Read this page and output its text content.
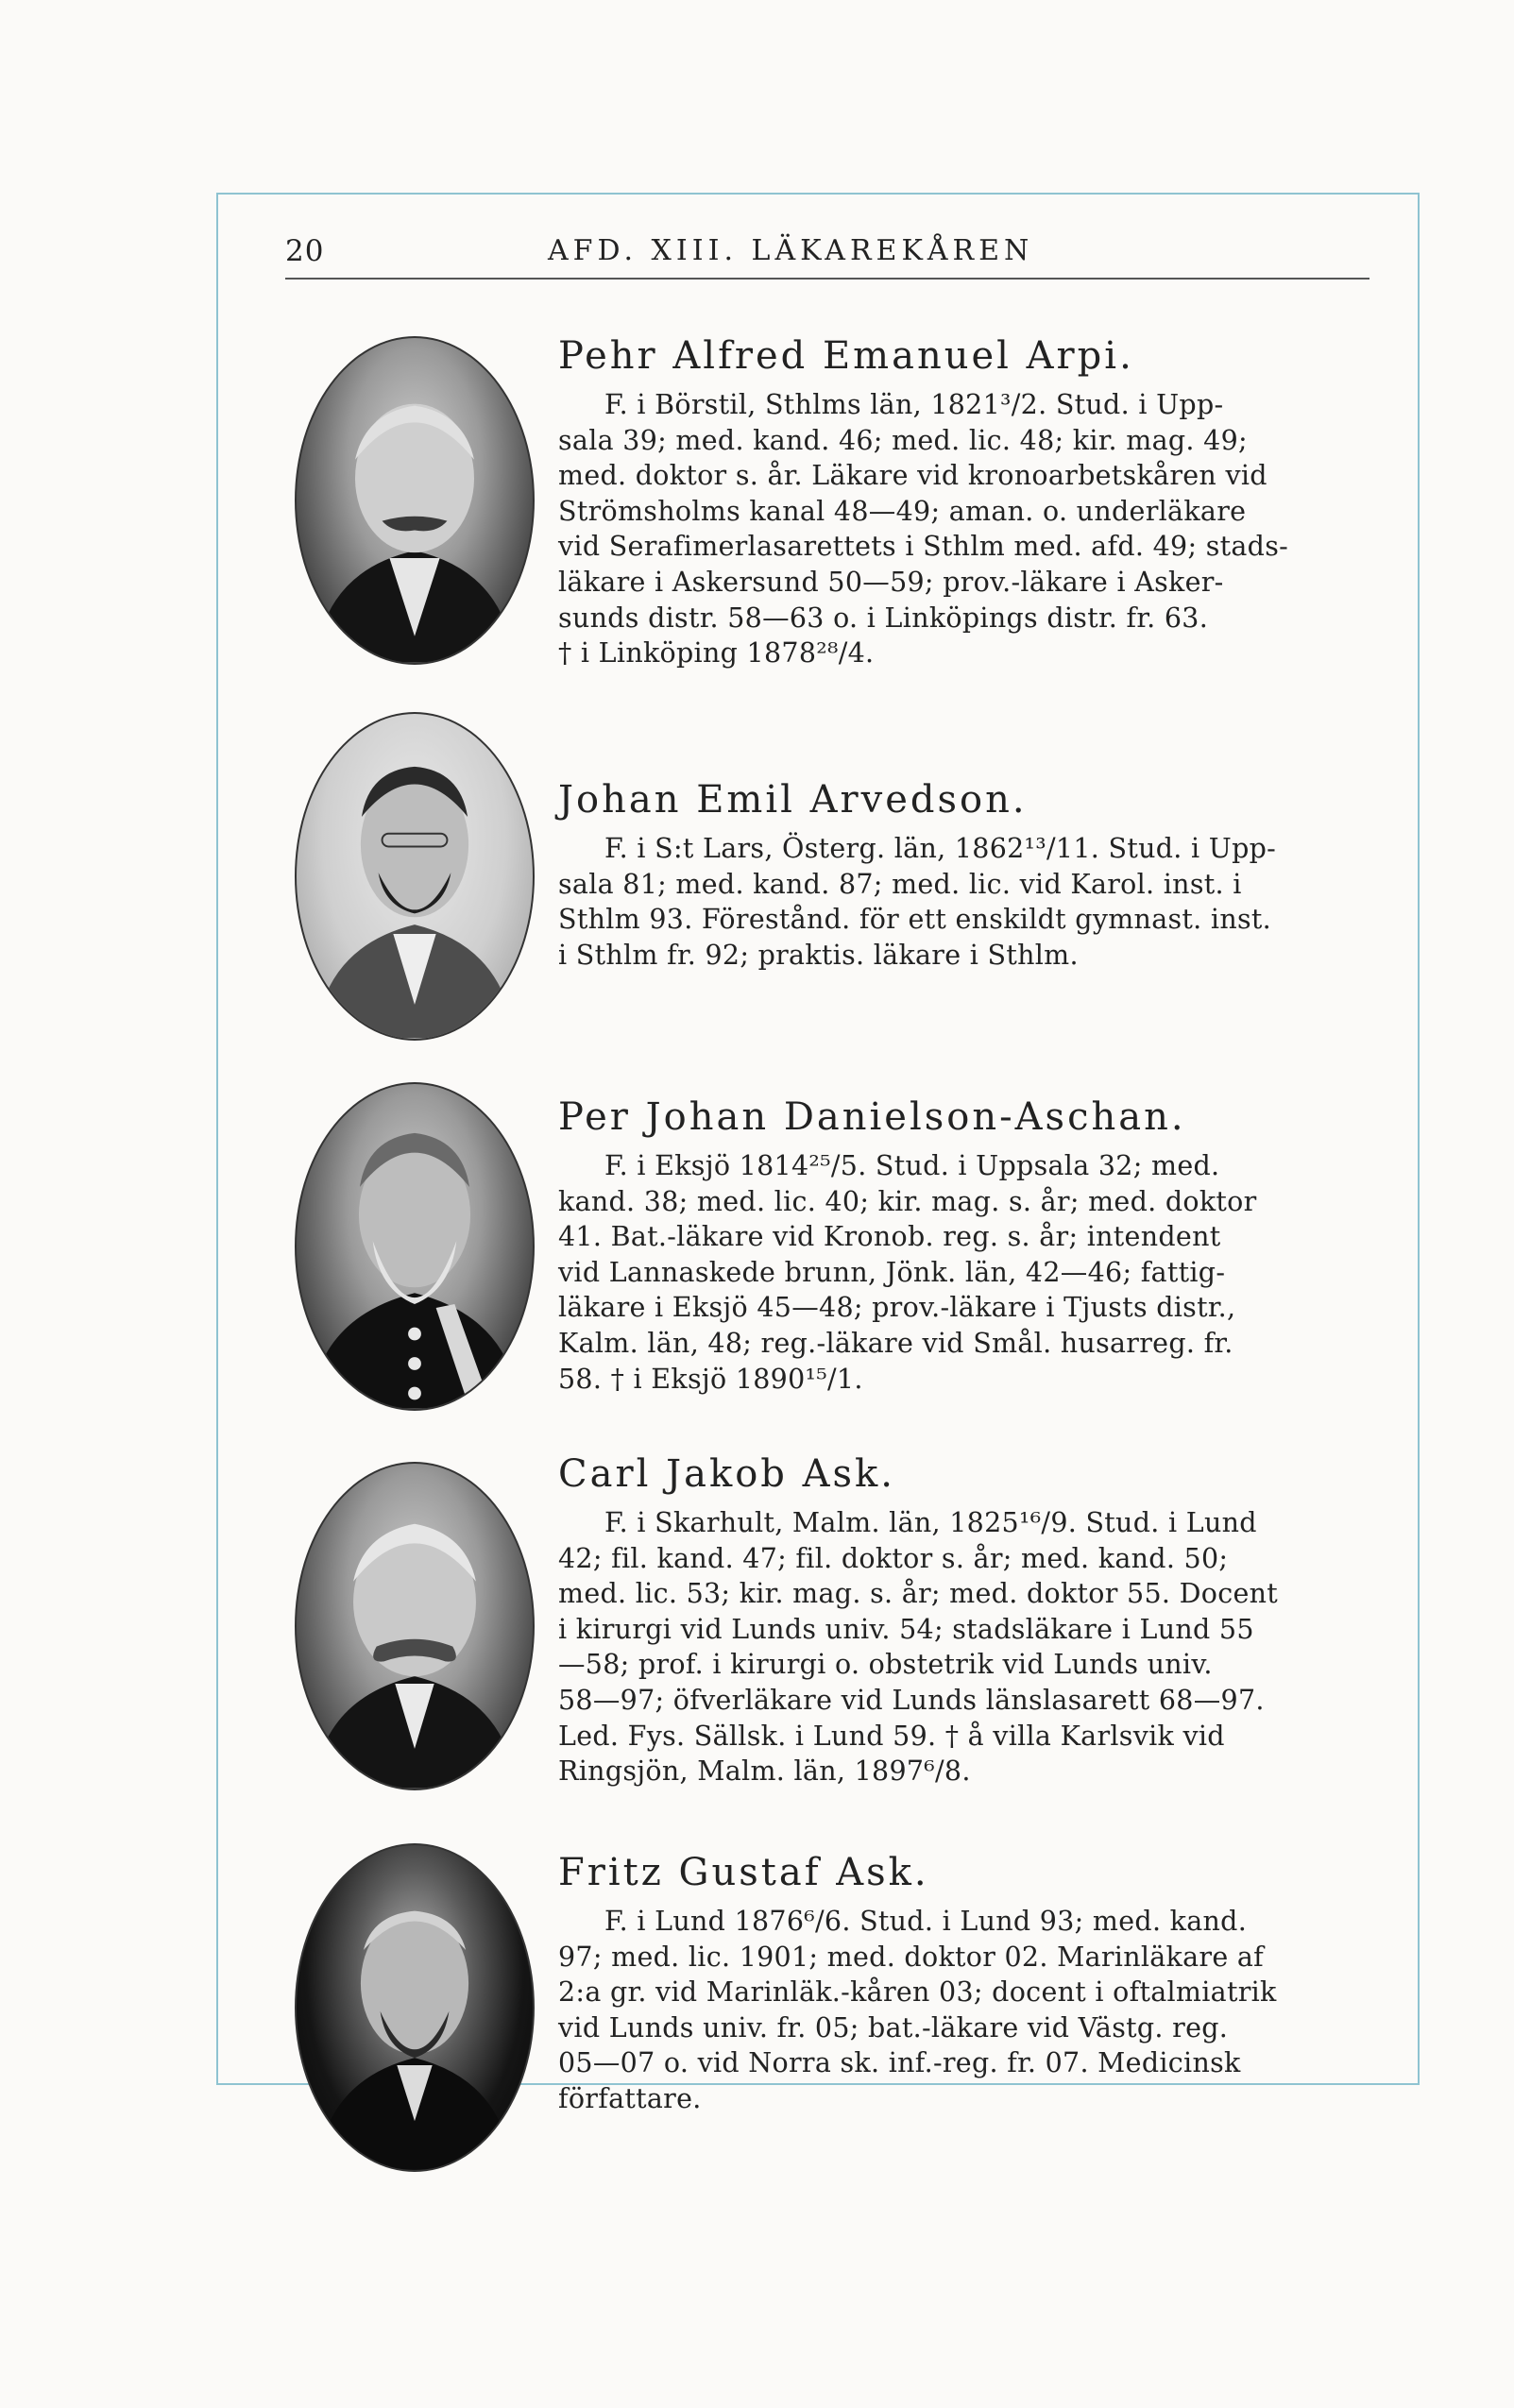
20	AFD. XIII. LÄKAREKÅREN
Pehr Alfred Emanuel Arpi.
F. i Börstil, Sthlms län, 1821³/2. Stud. i Upp-
sala 39; med. kand. 46; med. lic. 48; kir. mag. 49;
med. doktor s. år. Läkare vid kronoarbetskåren vid
Strömsholms kanal 48—49; aman. o. underläkare
vid Serafimerlasarettets i Sthlm med. afd. 49; stads-
läkare i Askersund 50—59; prov.-läkare i Asker-
sunds distr. 58—63 o. i Linköpings distr. fr. 63.
† i Linköping 1878²⁸/4.
Johan Emil Arvedson.
F. i S:t Lars, Österg. län, 1862¹³/11. Stud. i Upp-
sala 81; med. kand. 87; med. lic. vid Karol. inst. i
Sthlm 93. Förestånd. för ett enskildt gymnast. inst.
i Sthlm fr. 92; praktis. läkare i Sthlm.
Per Johan Danielson-Aschan.
F. i Eksjö 1814²⁵/5. Stud. i Uppsala 32; med.
kand. 38; med. lic. 40; kir. mag. s. år; med. doktor
41. Bat.-läkare vid Kronob. reg. s. år; intendent
vid Lannaskede brunn, Jönk. län, 42—46; fattig-
läkare i Eksjö 45—48; prov.-läkare i Tjusts distr.,
Kalm. län, 48; reg.-läkare vid Smål. husarreg. fr.
58. † i Eksjö 1890¹⁵/1.
Carl Jakob Ask.
F. i Skarhult, Malm. län, 1825¹⁶/9. Stud. i Lund
42; fil. kand. 47; fil. doktor s. år; med. kand. 50;
med. lic. 53; kir. mag. s. år; med. doktor 55. Docent
i kirurgi vid Lunds univ. 54; stadsläkare i Lund 55
—58; prof. i kirurgi o. obstetrik vid Lunds univ.
58—97; öfverläkare vid Lunds länslasarett 68—97.
Led. Fys. Sällsk. i Lund 59. † å villa Karlsvik vid
Ringsjön, Malm. län, 1897⁶/8.
Fritz Gustaf Ask.
F. i Lund 1876⁶/6. Stud. i Lund 93; med. kand.
97; med. lic. 1901; med. doktor 02. Marinläkare af
2:a gr. vid Marinläk.-kåren 03; docent i oftalmiatrik
vid Lunds univ. fr. 05; bat.-läkare vid Västg. reg.
05—07 o. vid Norra sk. inf.-reg. fr. 07. Medicinsk
författare.
